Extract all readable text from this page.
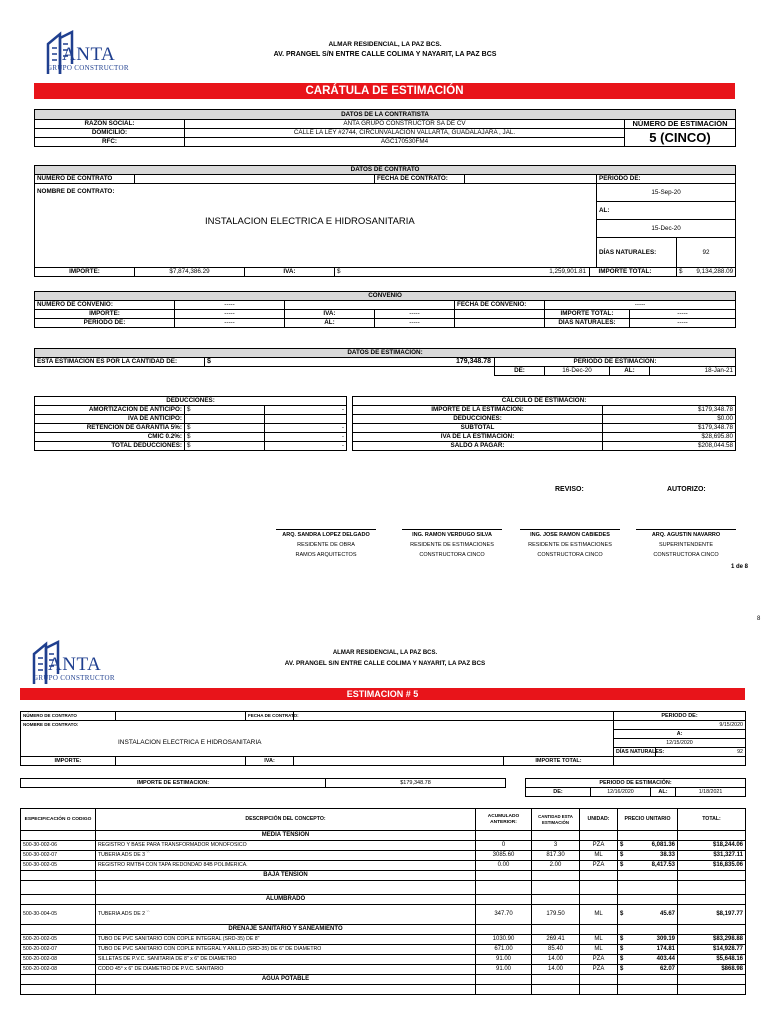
ANTA
GRUPO CONSTRUCTOR
ALMAR RESIDENCIAL, LA PAZ BCS.
AV. PRANGEL S/N ENTRE CALLE COLIMA Y NAYARIT, LA PAZ BCS
CARÁTULA DE ESTIMACIÓN
DATOS DE LA CONTRATISTA		
RAZÓN SOCIAL:	ANTA GRUPO CONSTRUCTOR SA DE CV	NÚMERO DE ESTIMACIÓN
DOMICILIO:	CALLE LA LEY #2744, CIRCUNVALACION VALLARTA, GUADALAJARA , JAL.	5 (CINCO)
RFC:	AGC170530FM4	
DATOS DE CONTRATO								
NÚMERO DE CONTRATO				FECHA DE CONTRATO:			PERIODO DE:	

NOMBRE DE CONTRATO:
INSTALACION ELECTRICA E HIDROSANITARIA							15-Sep-20	
							AL:	
							15-Dec-20	
							DÍAS NATURALES:	92
IMPORTE:	$7,874,386.29	IVA:	$ 1,259,901.81				IMPORTE TOTAL:	$ 9,134,288.09
CONVENIO						
NÚMERO DE CONVENIO:	-----			FECHA DE CONVENIO:	-----	
IMPORTE:	-----	IVA:	-----		IMPORTE TOTAL:	-----
PERIODO DE:	-----	AL:	-----		DÍAS NATURALES:	-----
DATOS DE ESTIMACIÓN:					
ESTA ESTIMACIÓN ES POR LA CANTIDAD DE:	$ 179,348.78	PERIODO DE ESTIMACIÓN:			
		DE:	16-Dec-20	AL:	18-Jan-21
DEDUCCIONES:				CÁLCULO DE ESTIMACIÓN:	
AMORTIZACIÓN DE ANTICIPO:	$	-		IMPORTE DE LA ESTIMACIÓN:	$179,348.78
IVA DE ANTICIPO:				DEDUCCIONES:	$0.00
RETENCION DE GARANTÍA 5%:	$	-		SUBTOTAL	$179,348.78
CMIC 0.2%:	$	-		IVA DE LA ESTIMACIÓN:	$28,695.80
TOTAL DEDUCCIONES:	$	-		SALDO A PAGAR:	$208,044.58
REVISO:	AUTORIZO:
ARQ. SANDRA LOPEZ DELGADO
RESIDENTE DE OBRA
RAMOS ARQUITECTOS
ING. RAMON VERDUGO SILVA
RESIDENTE DE ESTIMACIONES
CONSTRUCTORA CINCO
ING. JOSE RAMON CABIEDES
RESIDENTE DE ESTIMACIONES
CONSTRUCTORA CINCO
ARQ. AGUSTIN NAVARRO
SUPERINTENDENTE
CONSTRUCTORA CINCO
1 de 8
8
ANTA
GRUPO CONSTRUCTOR
ALMAR RESIDENCIAL, LA PAZ BCS.
AV. PRANGEL S/N ENTRE CALLE COLIMA Y NAYARIT, LA PAZ BCS
ESTIMACION # 5
NÚMERO DE CONTRATO		FECHA DE CONTRATO:			PERIODO DE:	

NOMBRE DE CONTRATO:
INSTALACION ELECTRICA E HIDROSANITARIA					9/15/2020	
					A:	
					12/15/2020	
					DÍAS NATURALES:	92
IMPORTE:		IVA:		IMPORTE TOTAL:		
IMPORTE DE ESTIMACION:	$179,348.78		PERIODO DE ESTIMACIÓN:			
			DE:	12/16/2020	AL:	1/18/2021
ESPECIFICACIÓN O CODIGO	DESCRIPCIÓN DEL CONCEPTO:	ACUMULADO ANTERIOR:	CANTIDAD ESTA ESTIMACIÓN	UNIDAD:	PRECIO UNITARIO		TOTAL:
	MEDIA TENSIÓN						
500-30-002-06	REGISTRO Y BASE PARA TRANSFORMADOR MONOFOSICO	0	3	PZA	$	6,081.36	$18,244.06
500-30-002-07	TUBERIA ADS DE 3 ``	3085.60	817.30	ML	$	38.33	$31,327.11
500-30-002-05	REGISTRO RMTB4 CON TAPA REDONDAD 84B POLIMERICA.	0.00	2.00	PZA	$	8,417.53	$16,835.06
	BAJA TENSIÓN						

	ALUMBRADO						
500-30-004-05	TUBERIA ADS DE 2 ``	347.70	179.50	ML	$	45.67	$8,197.77
	DRENAJE SANITARIO Y SANEAMIENTO						
500-20-002-05	TUBO DE PVC SANITARIO CON COPLE INTEGRAL (SRD-35) DE 8"	1030.90	269.41	ML	$	309.19	$83,298.88
500-20-002-07	TUBO DE PVC SANITARIO CON COPLE INTEGRAL Y ANILLO (SRD-35) DE 6" DE DIAMETRO	671.00	85.40	ML	$	174.81	$14,928.77
500-20-002-08	SILLETAS DE P.V.C. SANITARIA DE 8" x 6" DE DIAMETRO	91.00	14.00	PZA	$	403.44	$5,648.16
500-20-002-08	CODO 45° x 6" DE DIAMETRO DE P.V.C. SANITARIO	91.00	14.00	PZA	$	62.07	$868.98
	AGUA POTABLE						
